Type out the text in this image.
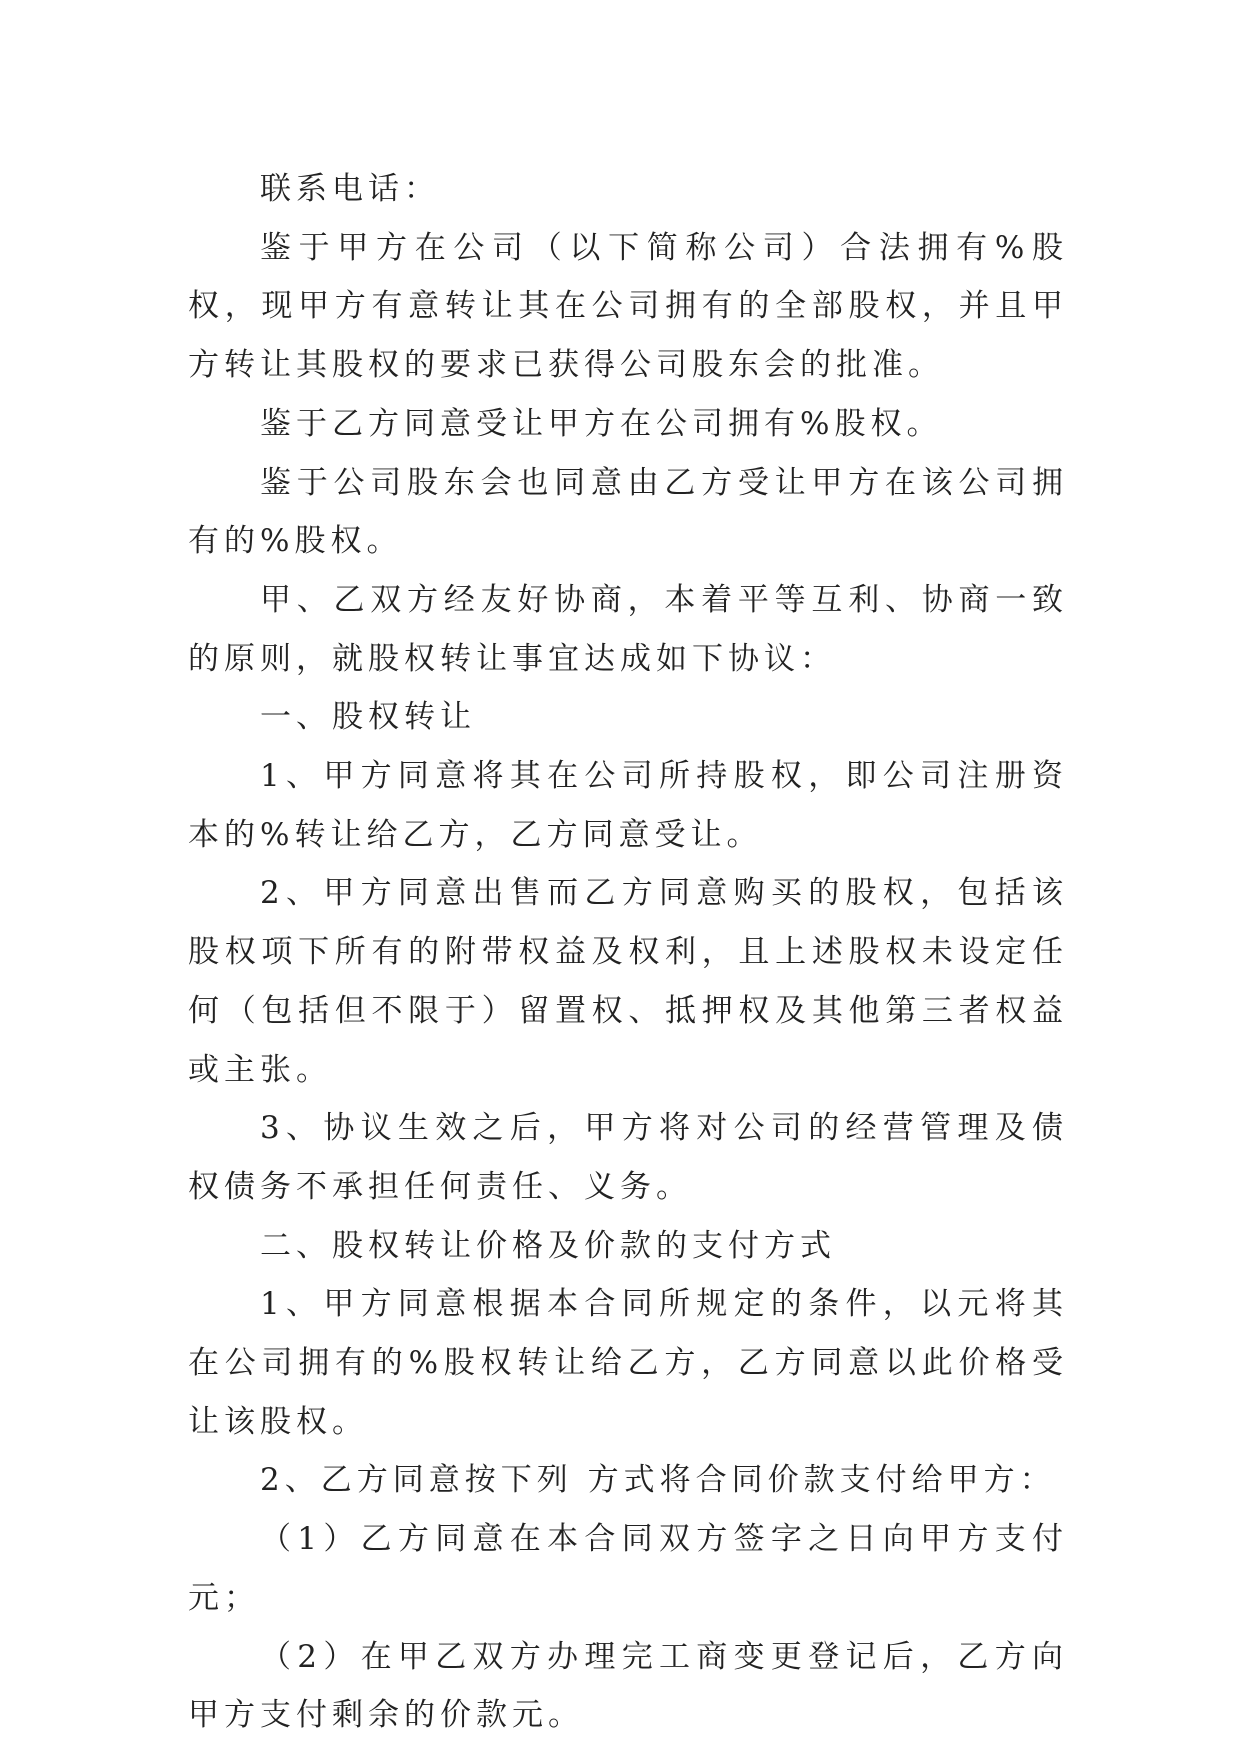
联系电话：

鉴于甲方在公司（以下简称公司）合法拥有%股权，现甲方有意转让其在公司拥有的全部股权，并且甲方转让其股权的要求已获得公司股东会的批准。

鉴于乙方同意受让甲方在公司拥有%股权。

鉴于公司股东会也同意由乙方受让甲方在该公司拥有的%股权。

甲、乙双方经友好协商，本着平等互利、协商一致的原则，就股权转让事宜达成如下协议：

一、股权转让

1、甲方同意将其在公司所持股权，即公司注册资本的%转让给乙方，乙方同意受让。

2、甲方同意出售而乙方同意购买的股权，包括该股权项下所有的附带权益及权利，且上述股权未设定任何（包括但不限于）留置权、抵押权及其他第三者权益或主张。

3、协议生效之后，甲方将对公司的经营管理及债权债务不承担任何责任、义务。

二、股权转让价格及价款的支付方式

1、甲方同意根据本合同所规定的条件，以元将其在公司拥有的%股权转让给乙方，乙方同意以此价格受让该股权。

2、乙方同意按下列 方式将合同价款支付给甲方：

（1）乙方同意在本合同双方签字之日向甲方支付元；

（2）在甲乙双方办理完工商变更登记后，乙方向甲方支付剩余的价款元。
